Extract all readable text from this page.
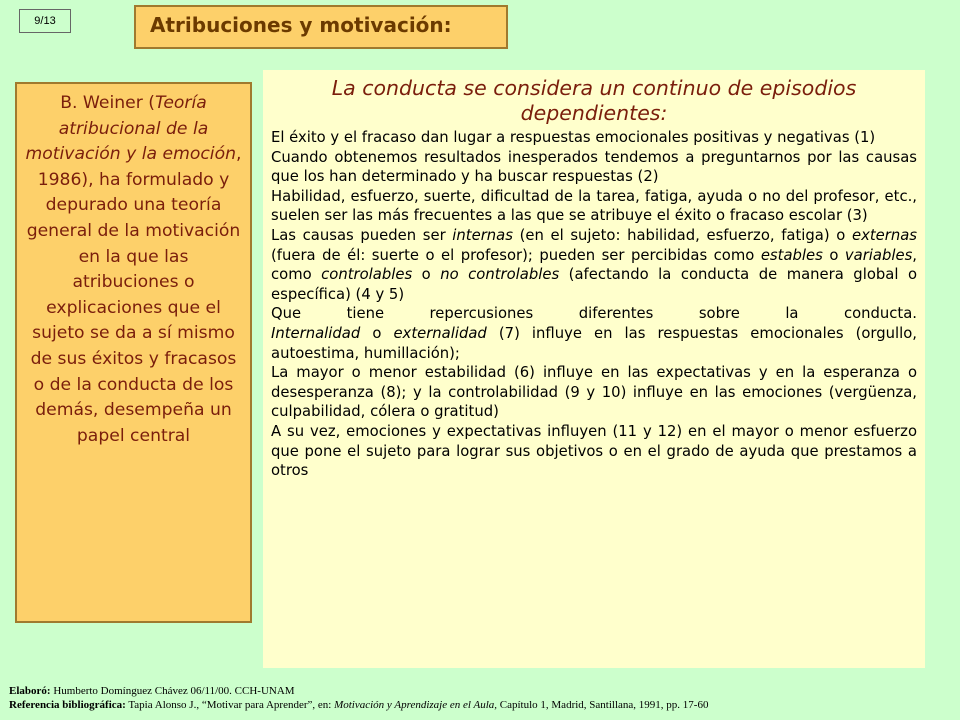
9/13	Atribuciones y motivación:
B. Weiner (Teoría atribucional de la motivación y la emoción, 1986), ha formulado y depurado una teoría general de la motivación en la que las atribuciones o explicaciones que el sujeto se da a sí mismo de sus éxitos y fracasos o de la conducta de los demás, desempeña un papel central
La conducta se considera un continuo de episodios dependientes:
El éxito y el fracaso dan lugar a respuestas emocionales positivas y negativas (1)
Cuando obtenemos resultados inesperados tendemos a preguntarnos por las causas que los han determinado y ha buscar respuestas (2)
Habilidad, esfuerzo, suerte, dificultad de la tarea, fatiga, ayuda o no del profesor, etc., suelen ser las más frecuentes a las que se atribuye el éxito o fracaso escolar (3)
Las causas pueden ser internas (en el sujeto: habilidad, esfuerzo, fatiga) o externas (fuera de él: suerte o el profesor); pueden ser percibidas como estables o variables, como controlables o no controlables (afectando la conducta de manera global o específica) (4 y 5)
Que tiene repercusiones diferentes sobre la conducta.
Internalidad o externalidad (7) influye en las respuestas emocionales (orgullo, autoestima, humillación);
La mayor o menor estabilidad (6) influye en las expectativas y en la esperanza o desesperanza (8); y la controlabilidad (9 y 10) influye en las emociones (vergüenza, culpabilidad, cólera o gratitud)
A su vez, emociones y expectativas influyen (11 y 12) en el mayor o menor esfuerzo que pone el sujeto para lograr sus objetivos o en el grado de ayuda que prestamos a otros
Elaboró: Humberto Domínguez Chávez 06/11/00. CCH-UNAM
Referencia bibliográfica: Tapia Alonso J., “Motivar para Aprender”, en: Motivación y Aprendizaje en el Aula, Capítulo 1, Madrid, Santillana, 1991, pp. 17-60
